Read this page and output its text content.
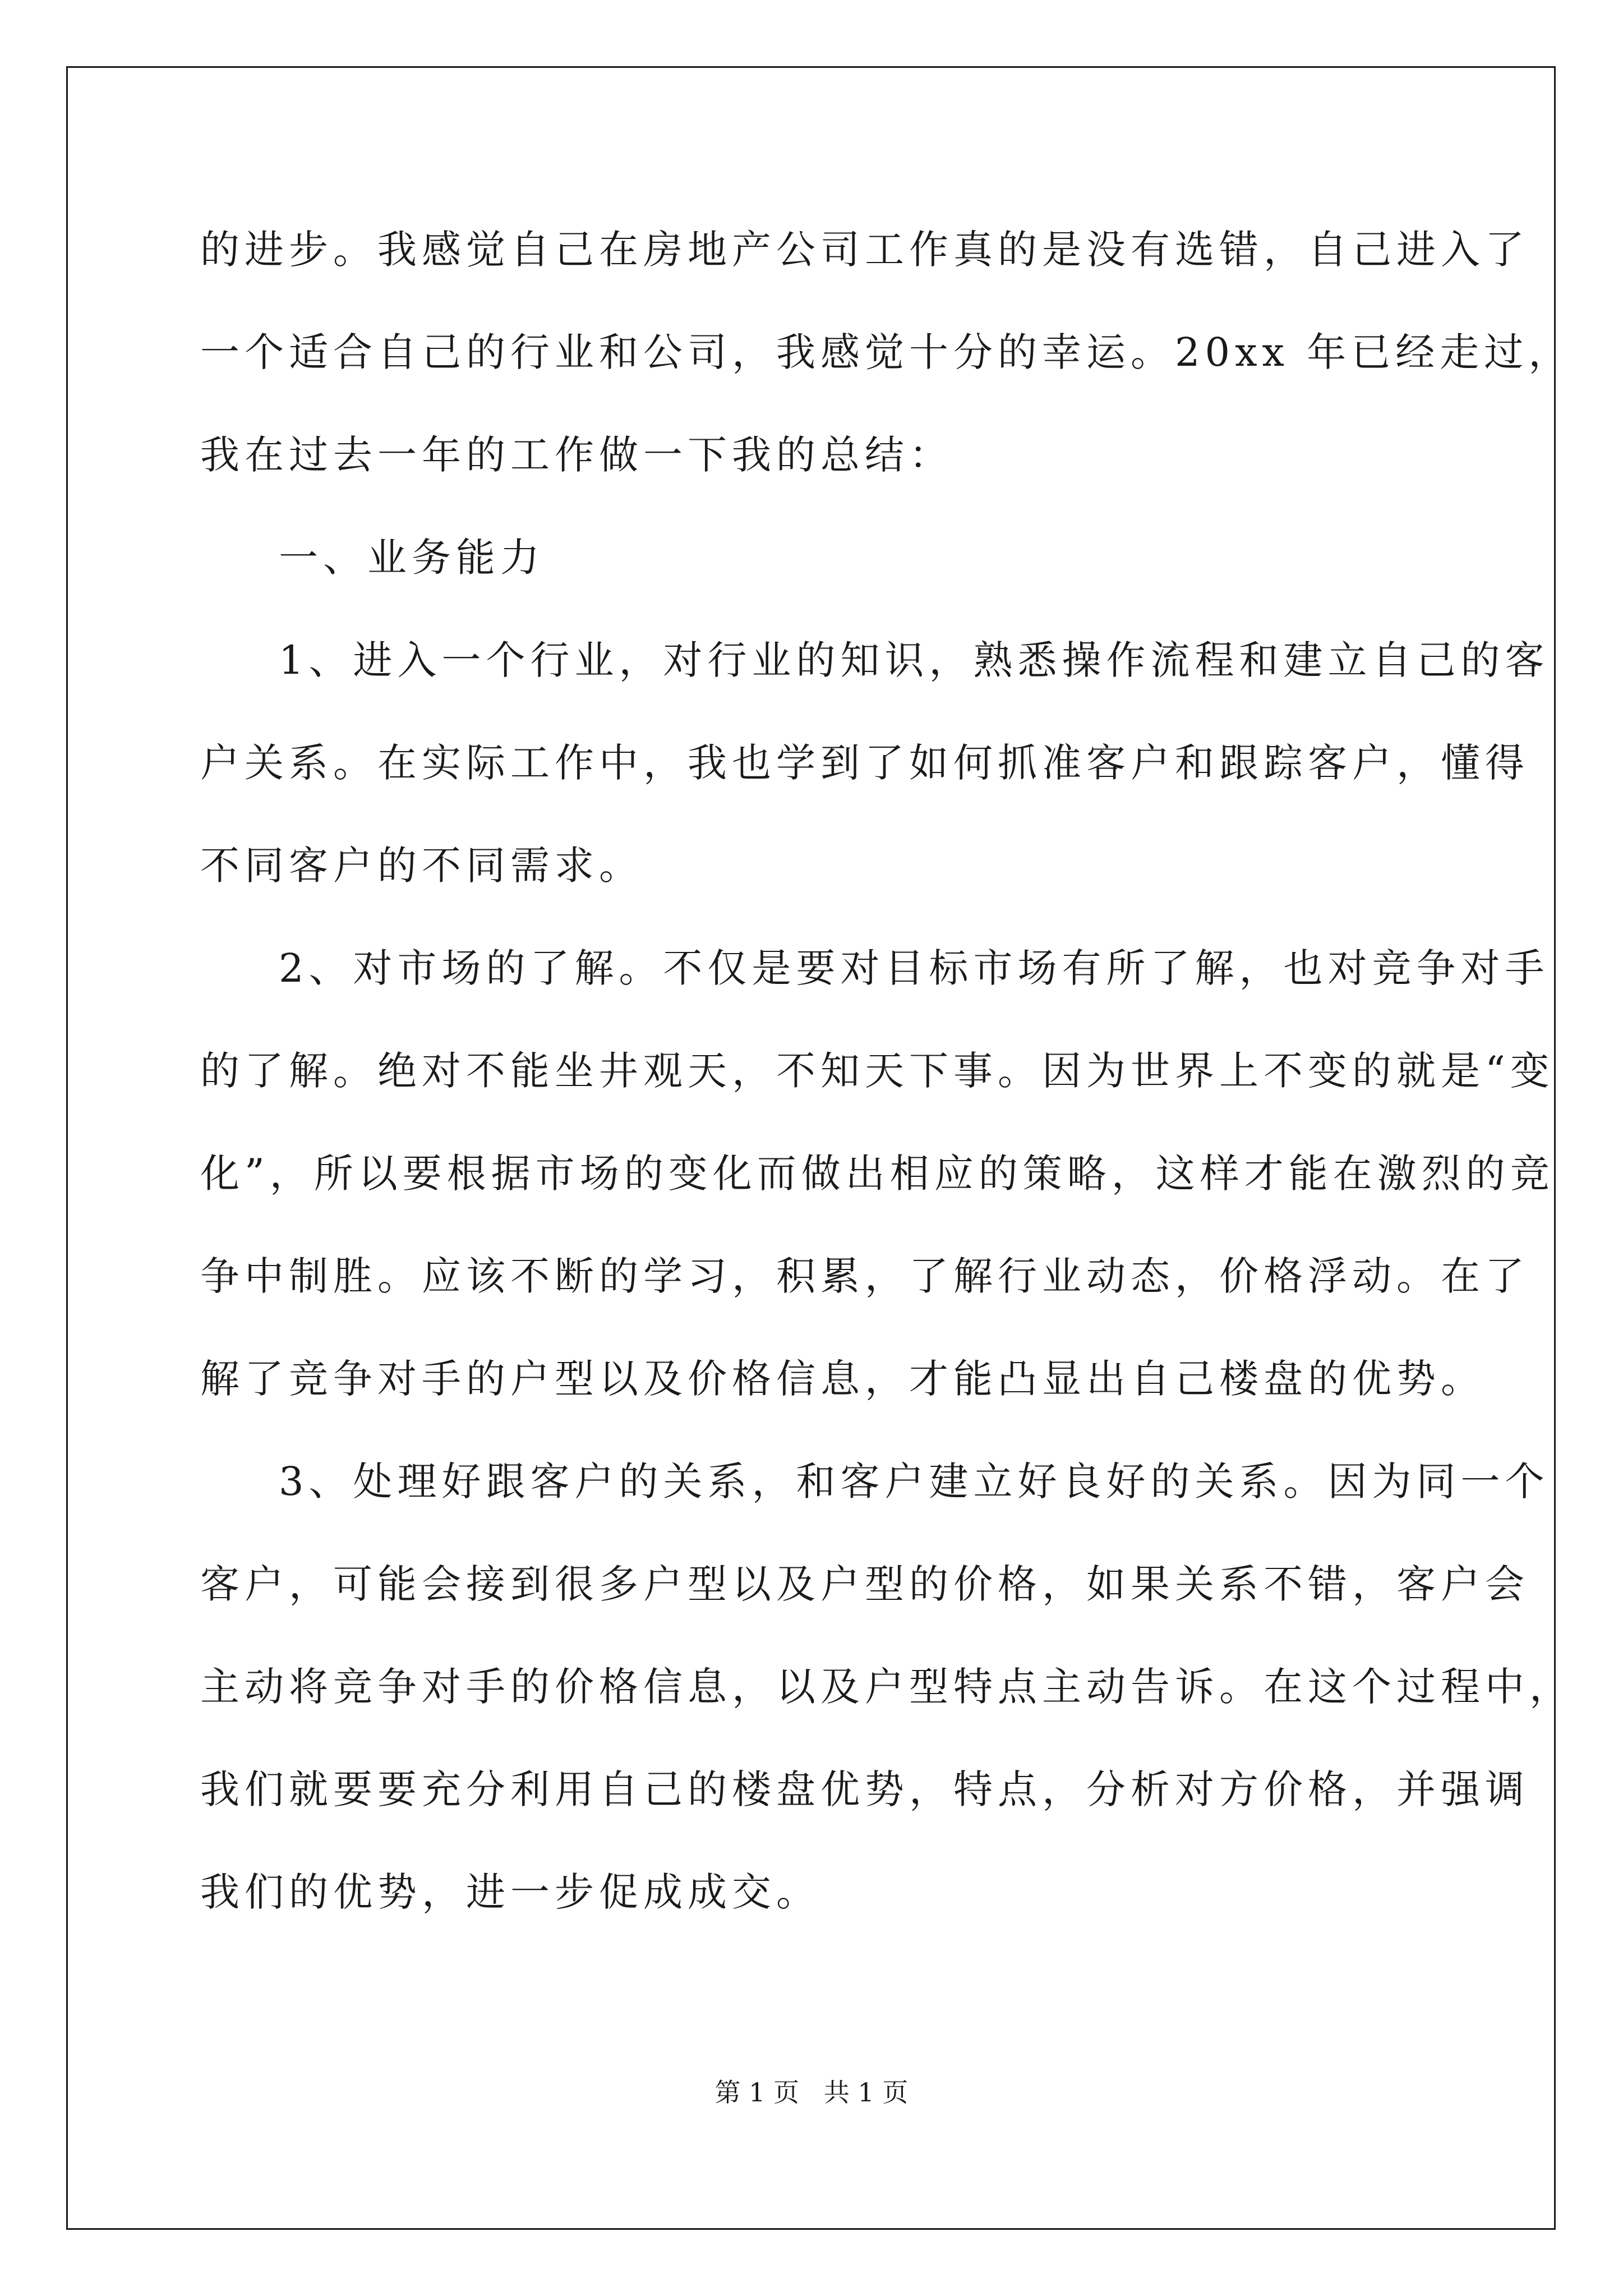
的进步。我感觉自己在房地产公司工作真的是没有选错，自己进入了
一个适合自己的行业和公司，我感觉十分的幸运。20xx 年已经走过，
我在过去一年的工作做一下我的总结：
一、业务能力
1、进入一个行业，对行业的知识，熟悉操作流程和建立自己的客
户关系。在实际工作中，我也学到了如何抓准客户和跟踪客户，懂得
不同客户的不同需求。
2、对市场的了解。不仅是要对目标市场有所了解，也对竞争对手
的了解。绝对不能坐井观天，不知天下事。因为世界上不变的就是“变
化”，所以要根据市场的变化而做出相应的策略，这样才能在激烈的竞
争中制胜。应该不断的学习，积累，了解行业动态，价格浮动。在了
解了竞争对手的户型以及价格信息，才能凸显出自己楼盘的优势。
3、处理好跟客户的关系，和客户建立好良好的关系。因为同一个
客户，可能会接到很多户型以及户型的价格，如果关系不错，客户会
主动将竞争对手的价格信息，以及户型特点主动告诉。在这个过程中，
我们就要要充分利用自己的楼盘优势，特点，分析对方价格，并强调
我们的优势，进一步促成成交。
第 1 页   共 1 页
